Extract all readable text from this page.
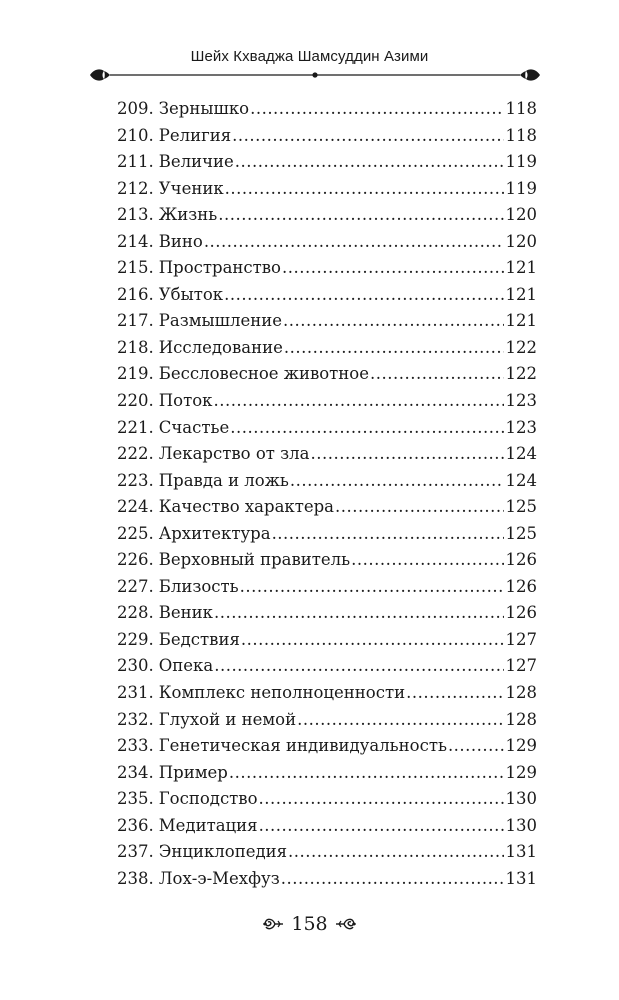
Шейх Кхваджа Шамсуддин Азими
209. Зернышко .....	118
210. Религия .....	118
211. Величие .....	119
212. Ученик .....	119
213. Жизнь .....	120
214. Вино .....	120
215. Пространство .....	121
216. Убыток .....	121
217. Размышление .....	121
218. Исследование .....	122
219. Бессловесное животное .....	122
220. Поток .....	123
221. Счастье .....	123
222. Лекарство от зла .....	124
223. Правда и ложь .....	124
224. Качество характера .....	125
225. Архитектура .....	125
226. Верховный правитель .....	126
227. Близость .....	126
228. Веник .....	126
229. Бедствия .....	127
230. Опека .....	127
231. Комплекс неполноценности .....	128
232. Глухой и немой .....	128
233. Генетическая индивидуальность .....	129
234. Пример .....	129
235. Господство .....	130
236. Медитация .....	130
237. Энциклопедия .....	131
238. Лох-э-Мехфуз .....	131
158
